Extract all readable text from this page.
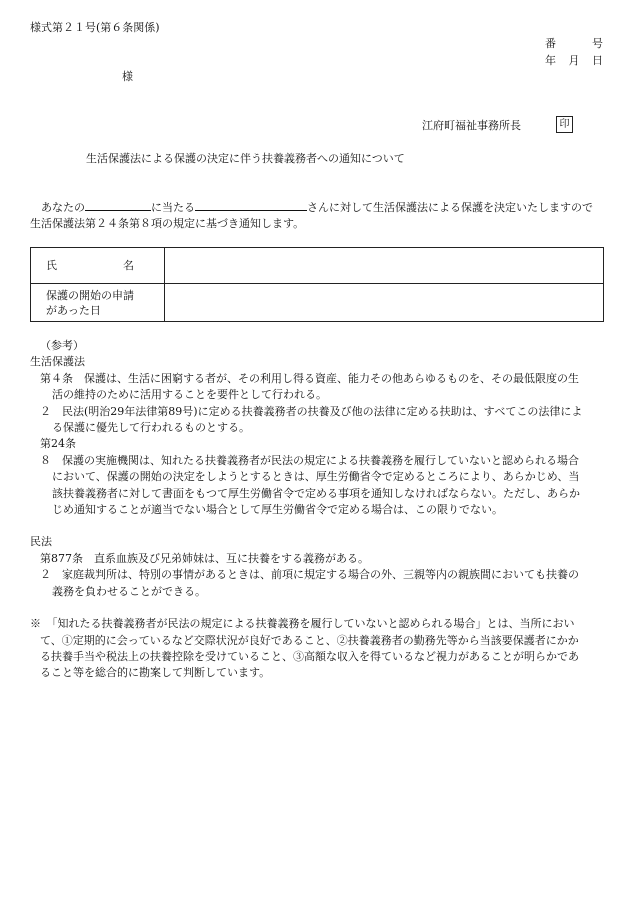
様式第２１号(第６条関係)
番	号
年 月 日
様
江府町福祉事務所長	印
生活保護法による保護の決定に伴う扶養義務者への通知について
あなたの	に当たる	さんに対して生活保護法による保護を決定いたしますので
生活保護法第２４条第８項の規定に基づき通知します。
氏 名	

保護の開始の申請
があった日	

（参考）
生活保護法
第４条　保護は、生活に困窮する者が、その利用し得る資産、能力その他あらゆるものを、その最低限度の生
活の維持のために活用することを要件として行われる。
２　民法(明治29年法律第89号)に定める扶養義務者の扶養及び他の法律に定める扶助は、すべてこの法律によ
る保護に優先して行われるものとする。
第24条
８　保護の実施機関は、知れたる扶養義務者が民法の規定による扶養義務を履行していないと認められる場合
において、保護の開始の決定をしようとするときは、厚生労働省令で定めるところにより、あらかじめ、当
該扶養義務者に対して書面をもつて厚生労働省令で定める事項を通知しなければならない。ただし、あらか
じめ通知することが適当でない場合として厚生労働省令で定める場合は、この限りでない。
民法
第877条　直系血族及び兄弟姉妹は、互に扶養をする義務がある。
２　家庭裁判所は、特別の事情があるときは、前項に規定する場合の外、三親等内の親族間においても扶養の
義務を負わせることができる。
※　「知れたる扶養義務者が民法の規定による扶養義務を履行していないと認められる場合」とは、当所におい
て、①定期的に会っているなど交際状況が良好であること、②扶養義務者の勤務先等から当該要保護者にかか
る扶養手当や税法上の扶養控除を受けていること、③高額な収入を得ているなど視力があることが明らかであ
ること等を総合的に勘案して判断しています。
